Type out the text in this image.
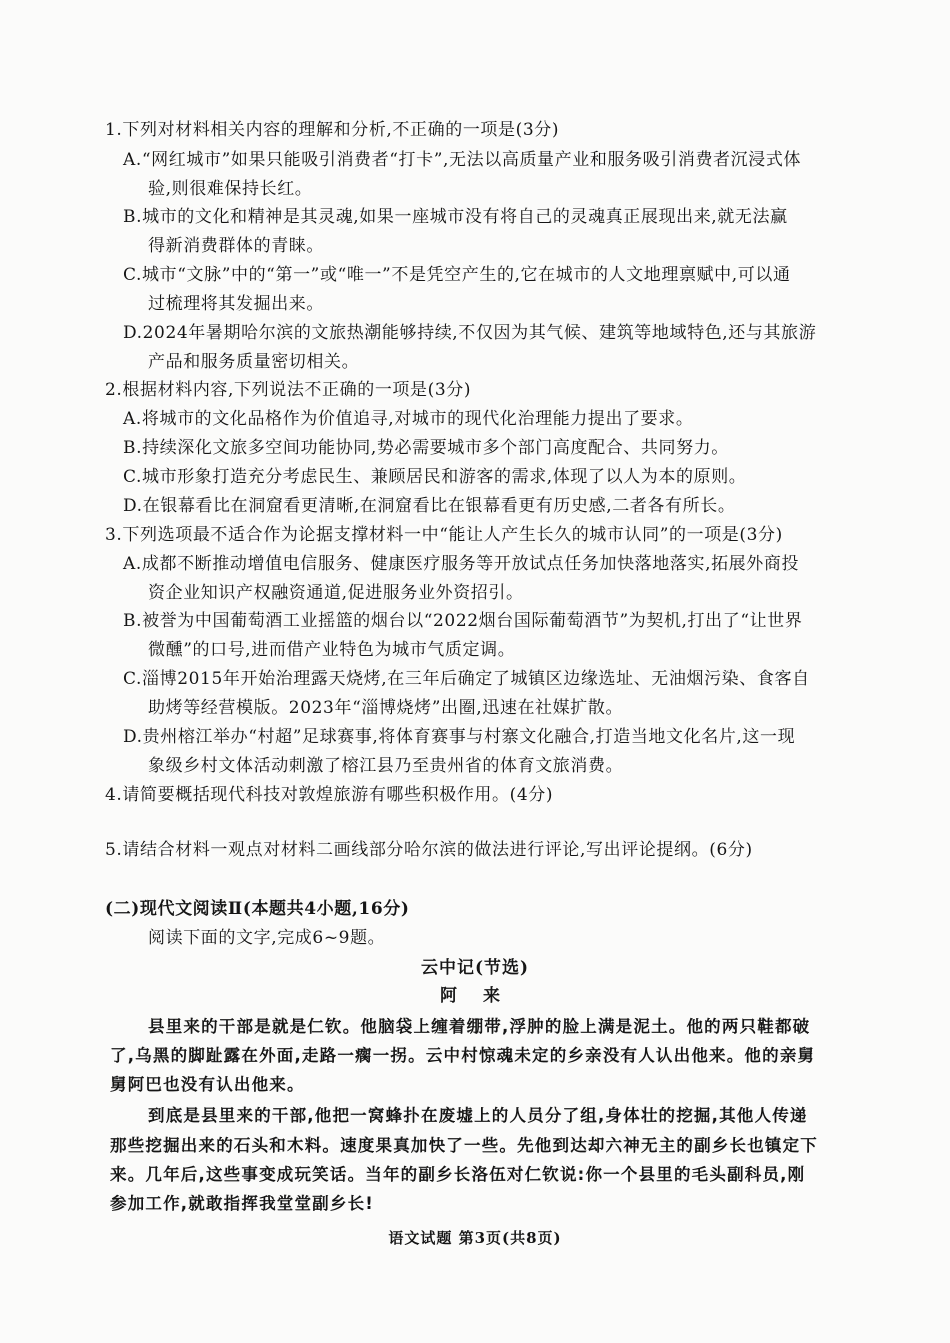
1.下列对材料相关内容的理解和分析,不正确的一项是(3分)
A.“网红城市”如果只能吸引消费者“打卡”,无法以高质量产业和服务吸引消费者沉浸式体
验,则很难保持长红。
B.城市的文化和精神是其灵魂,如果一座城市没有将自己的灵魂真正展现出来,就无法赢
得新消费群体的青睐。
C.城市“文脉”中的“第一”或“唯一”不是凭空产生的,它在城市的人文地理禀赋中,可以通
过梳理将其发掘出来。
D.2024年暑期哈尔滨的文旅热潮能够持续,不仅因为其气候、建筑等地域特色,还与其旅游
产品和服务质量密切相关。
2.根据材料内容,下列说法不正确的一项是(3分)
A.将城市的文化品格作为价值追寻,对城市的现代化治理能力提出了要求。
B.持续深化文旅多空间功能协同,势必需要城市多个部门高度配合、共同努力。
C.城市形象打造充分考虑民生、兼顾居民和游客的需求,体现了以人为本的原则。
D.在银幕看比在洞窟看更清晰,在洞窟看比在银幕看更有历史感,二者各有所长。
3.下列选项最不适合作为论据支撑材料一中“能让人产生长久的城市认同”的一项是(3分)
A.成都不断推动增值电信服务、健康医疗服务等开放试点任务加快落地落实,拓展外商投
资企业知识产权融资通道,促进服务业外资招引。
B.被誉为中国葡萄酒工业摇篮的烟台以“2022烟台国际葡萄酒节”为契机,打出了“让世界
微醺”的口号,进而借产业特色为城市气质定调。
C.淄博2015年开始治理露天烧烤,在三年后确定了城镇区边缘选址、无油烟污染、食客自
助烤等经营模版。2023年“淄博烧烤”出圈,迅速在社媒扩散。
D.贵州榕江举办“村超”足球赛事,将体育赛事与村寨文化融合,打造当地文化名片,这一现
象级乡村文体活动刺激了榕江县乃至贵州省的体育文旅消费。
4.请简要概括现代科技对敦煌旅游有哪些积极作用。(4分)
5.请结合材料一观点对材料二画线部分哈尔滨的做法进行评论,写出评论提纲。(6分)
(二)现代文阅读Ⅱ(本题共4小题,16分)
阅读下面的文字,完成6~9题。
云中记(节选)
阿 来
县里来的干部是就是仁钦。他脑袋上缠着绷带,浮肿的脸上满是泥土。他的两只鞋都破
了,乌黑的脚趾露在外面,走路一瘸一拐。云中村惊魂未定的乡亲没有人认出他来。他的亲舅
舅阿巴也没有认出他来。
到底是县里来的干部,他把一窝蜂扑在废墟上的人员分了组,身体壮的挖掘,其他人传递
那些挖掘出来的石头和木料。速度果真加快了一些。先他到达却六神无主的副乡长也镇定下
来。几年后,这些事变成玩笑话。当年的副乡长洛伍对仁钦说:你一个县里的毛头副科员,刚
参加工作,就敢指挥我堂堂副乡长!
语文试题 第3页(共8页)
